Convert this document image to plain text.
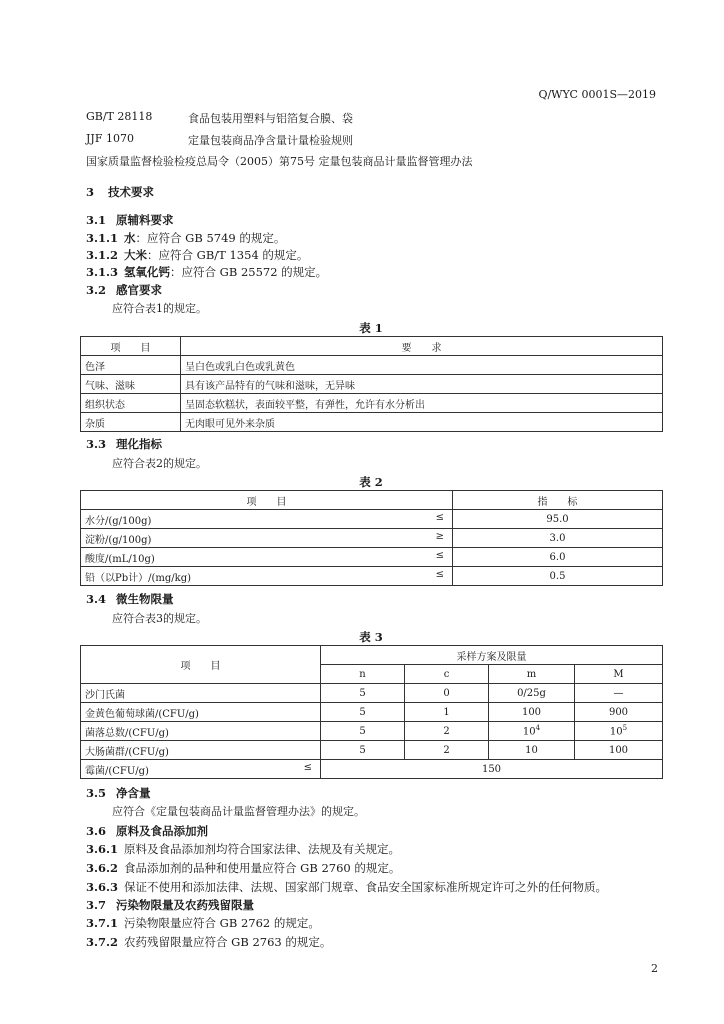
Q/WYC 0001S—2019
GB/T 28118	食品包装用塑料与铝箔复合膜、袋
JJF 1070	定量包装商品净含量计量检验规则
国家质量监督检验检疫总局令（2005）第75号 定量包装商品计量监督管理办法
3 技术要求
3.1 原辅料要求
3.1.1 水：应符合 GB 5749 的规定。
3.1.2 大米：应符合 GB/T 1354 的规定。
3.1.3 氢氧化钙：应符合 GB 25572 的规定。
3.2 感官要求
应符合表1的规定。
表 1
项　　目	要　　求
色泽	呈白色或乳白色或乳黄色
气味、滋味	具有该产品特有的气味和滋味，无异味
组织状态	呈固态软糕状，表面较平整，有弹性，允许有水分析出
杂质	无肉眼可见外来杂质
3.3 理化指标
应符合表2的规定。
表 2
项　　目	指　　标
水分/(g/100g) ≤	95.0
淀粉/(g/100g) ≥	3.0
酸度/(mL/10g) ≤	6.0
铅（以Pb计）/(mg/kg) ≤	0.5
3.4 微生物限量
应符合表3的规定。
表 3
项　　目	采样方案及限量			
	n	c	m	M
沙门氏菌	5	0	0/25g	—
金黄色葡萄球菌/(CFU/g)	5	1	100	900
菌落总数/(CFU/g)	5	2	$10^4$	$10^5$
大肠菌群/(CFU/g)	5	2	10	100
霉菌/(CFU/g) ≤	150			
3.5 净含量
应符合《定量包装商品计量监督管理办法》的规定。
3.6 原料及食品添加剂
3.6.1 原料及食品添加剂均符合国家法律、法规及有关规定。
3.6.2 食品添加剂的品种和使用量应符合 GB 2760 的规定。
3.6.3 保证不使用和添加法律、法规、国家部门规章、食品安全国家标准所规定许可之外的任何物质。
3.7 污染物限量及农药残留限量
3.7.1 污染物限量应符合 GB 2762 的规定。
3.7.2 农药残留限量应符合 GB 2763 的规定。
2
